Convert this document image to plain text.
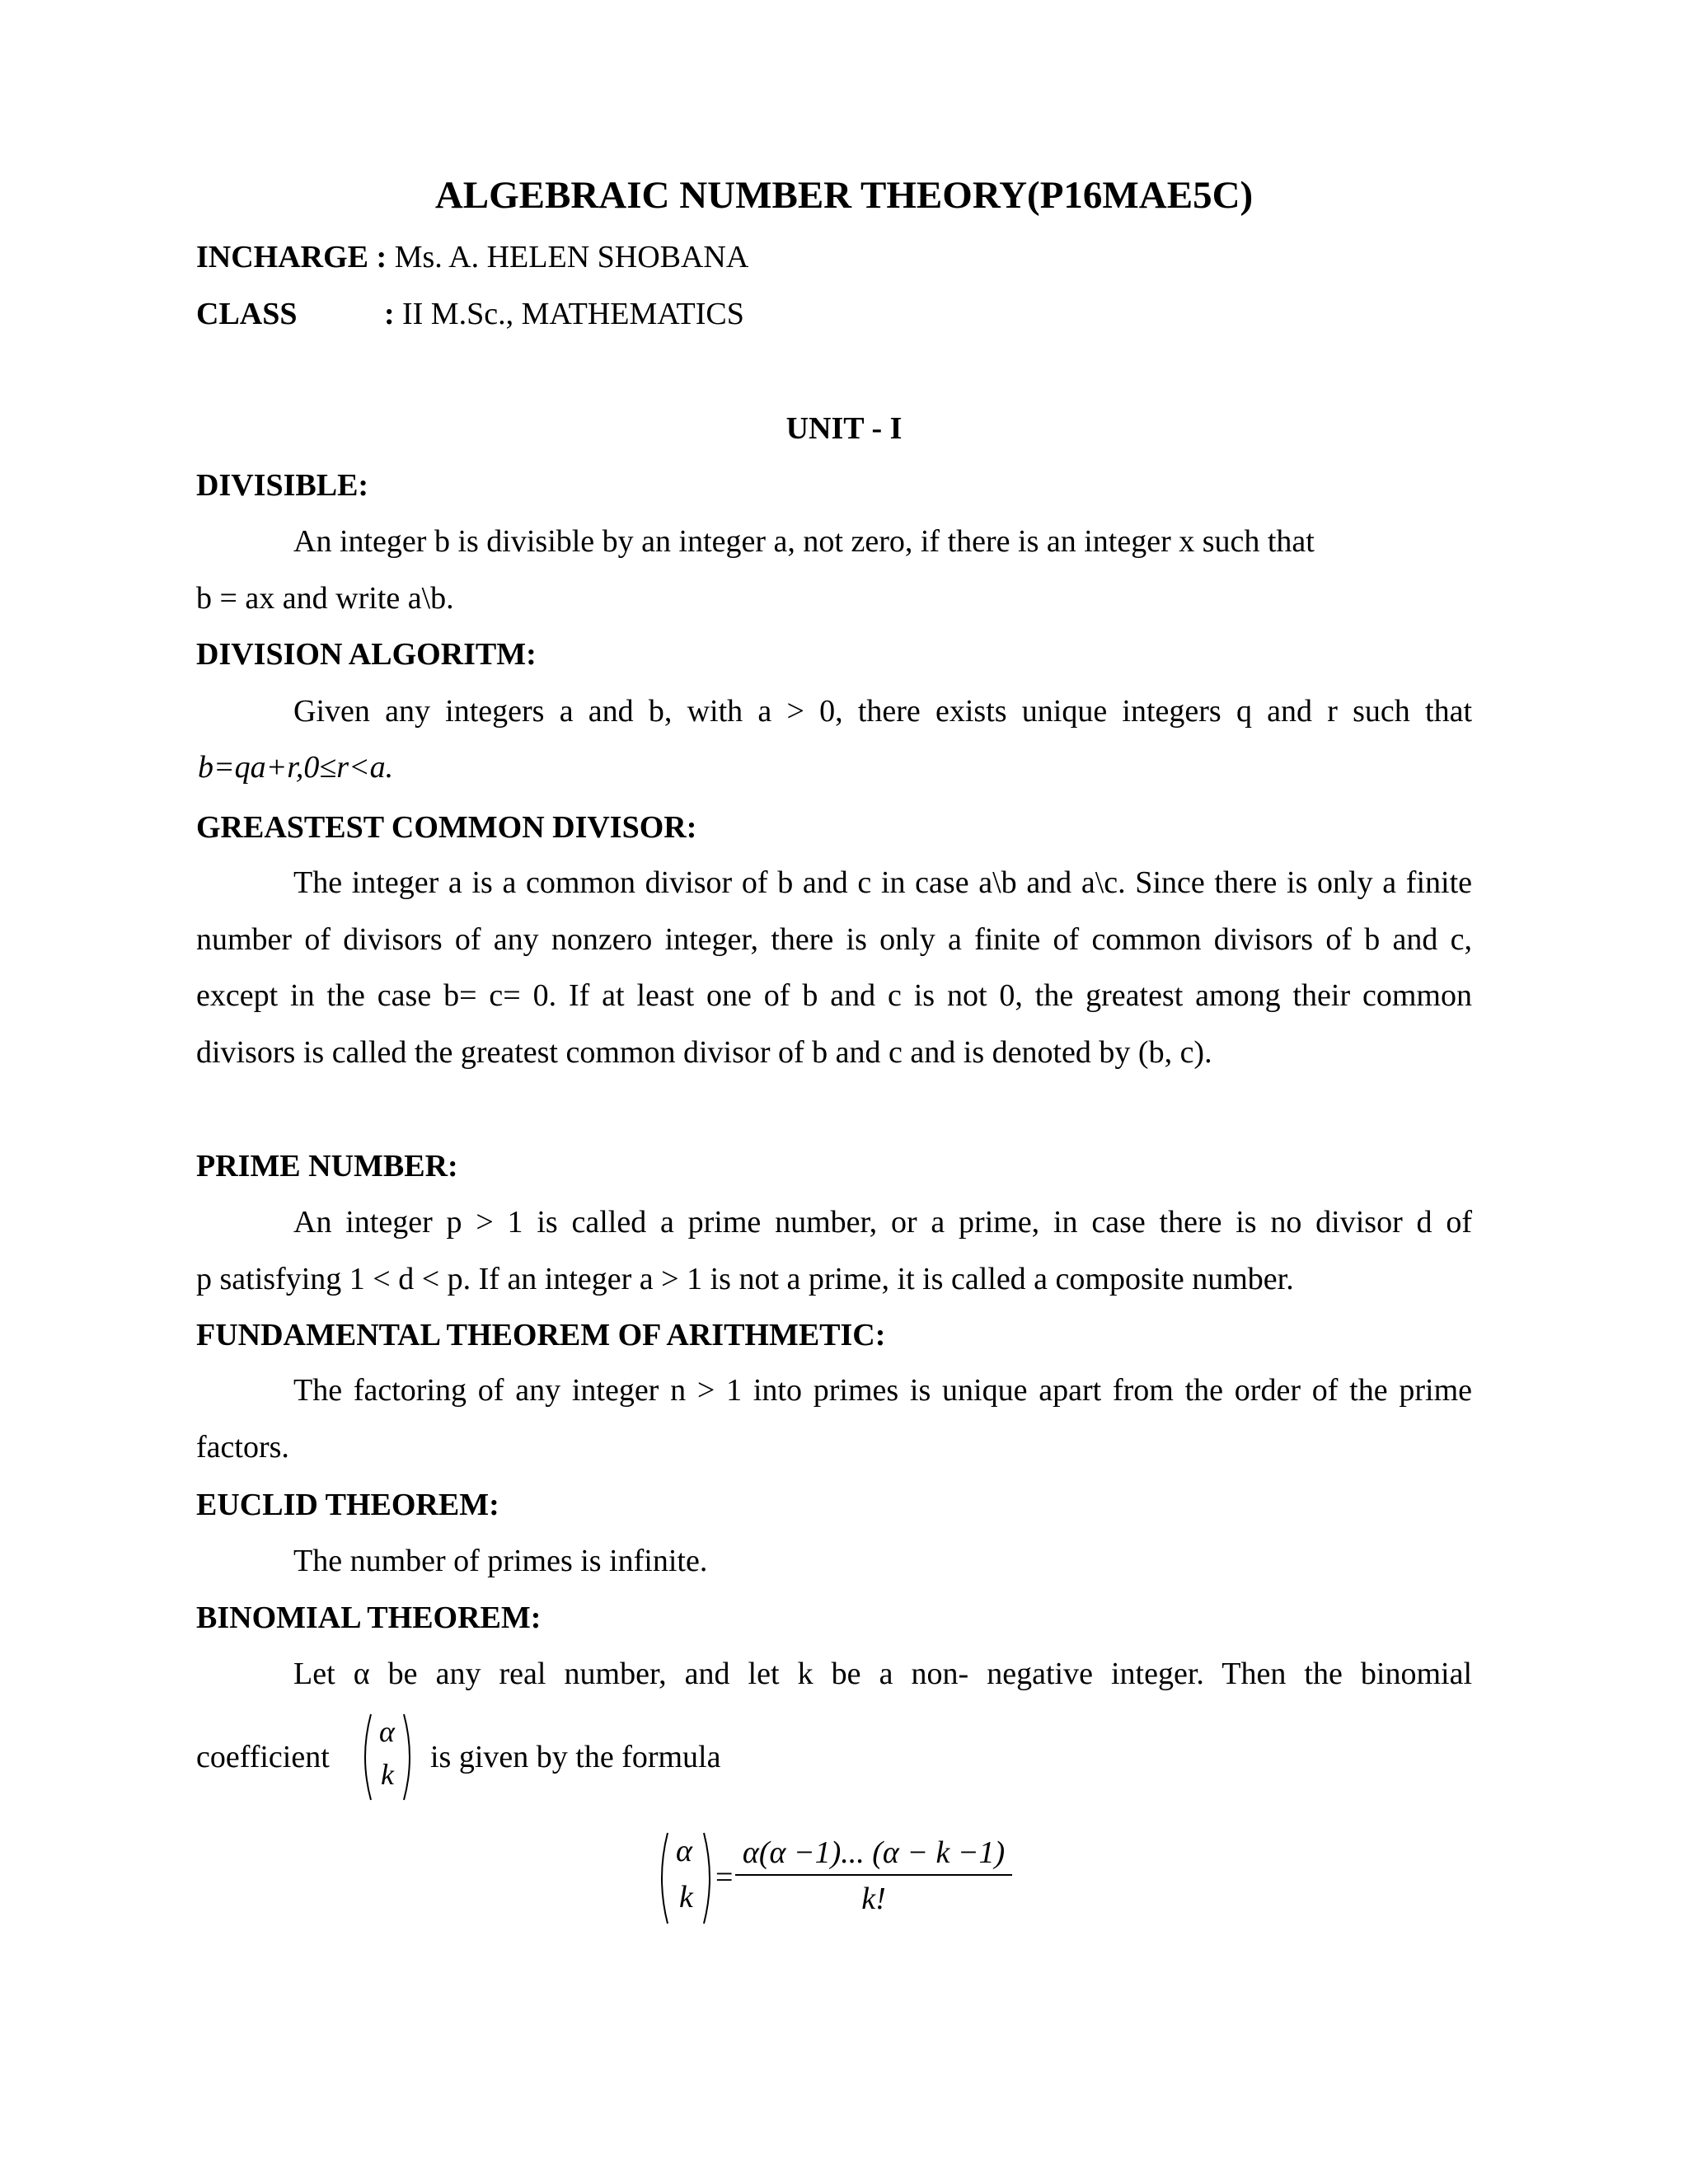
ALGEBRAIC NUMBER THEORY(P16MAE5C)
INCHARGE : Ms. A. HELEN SHOBANA
CLASS	: II M.Sc., MATHEMATICS
UNIT - I
DIVISIBLE:
An integer b is divisible by an integer a, not zero, if there is an integer x such that
b = ax and write a\b.
DIVISION ALGORITM:
Given any integers a and b, with a > 0, there exists unique integers q and r such that
b=qa+r,0≤r<a.
GREASTEST COMMON DIVISOR:
The integer a is a common divisor of b and c in case a\b and a\c. Since there is only a finite number of divisors of any nonzero integer, there is only a finite of common divisors of b and c, except in the case b= c= 0. If at least one of b and c is not 0, the greatest among their common divisors is called the greatest common divisor of b and c and is denoted by (b, c).
PRIME NUMBER:
An integer p > 1 is called a prime number, or a prime, in case there is no divisor d of
p satisfying 1 < d < p. If an integer a > 1 is not a prime, it is called a composite number.
FUNDAMENTAL THEOREM OF ARITHMETIC:
The factoring of any integer n > 1 into primes is unique apart from the order of the prime factors.
EUCLID THEOREM:
The number of primes is infinite.
BINOMIAL THEOREM:
Let α be any real number, and let k be a non- negative integer. Then the binomial
coefficient
α
k is given by the formula
α
k
= $\frac{\alpha(\alpha -1)... (\alpha - k -1)}{k!}$
